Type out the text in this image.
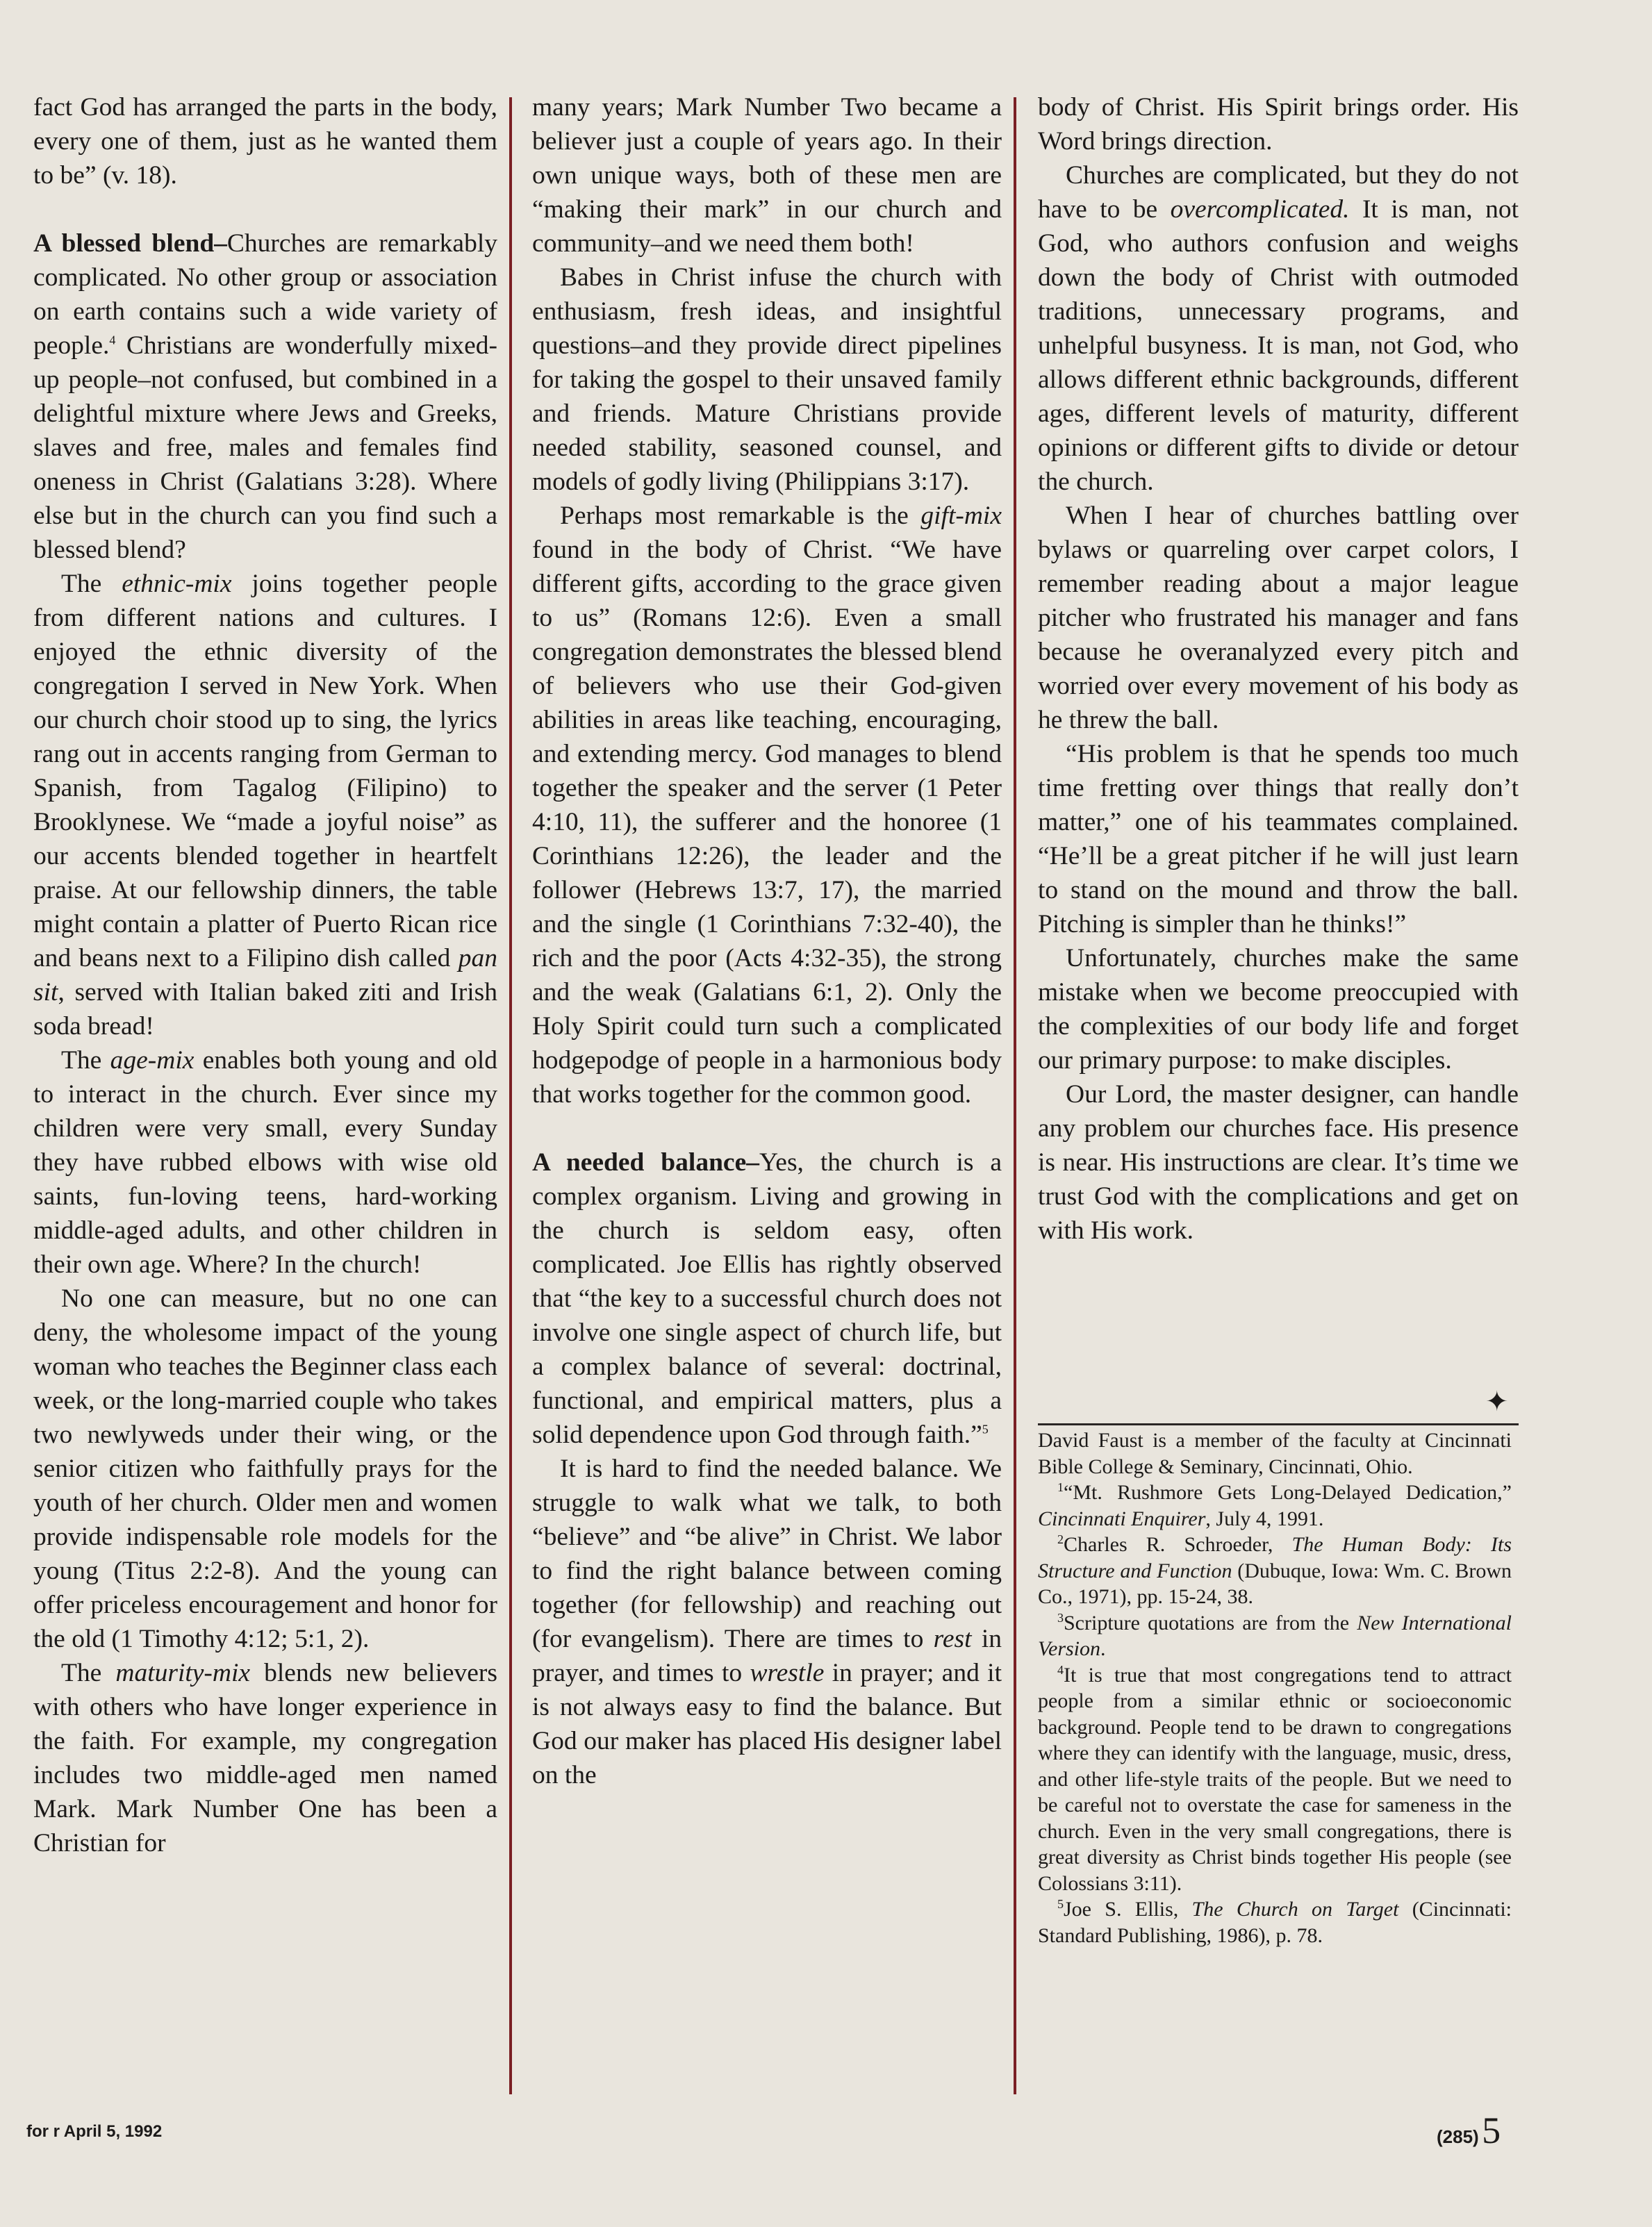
fact God has arranged the parts in the body, every one of them, just as he wanted them to be” (v. 18).

A blessed blend–Churches are remarkably complicated. No other group or association on earth contains such a wide variety of people.$^4$ Christians are wonderfully mixed-up people–not confused, but combined in a delightful mixture where Jews and Greeks, slaves and free, males and females find oneness in Christ (Galatians 3:28). Where else but in the church can you find such a blessed blend?

The ethnic-mix joins together people from different nations and cultures. I enjoyed the ethnic diversity of the congregation I served in New York. When our church choir stood up to sing, the lyrics rang out in accents ranging from German to Spanish, from Tagalog (Filipino) to Brooklynese. We “made a joyful noise” as our accents blended together in heartfelt praise. At our fellowship dinners, the table might contain a platter of Puerto Rican rice and beans next to a Filipino dish called pan sit, served with Italian baked ziti and Irish soda bread!

The age-mix enables both young and old to interact in the church. Ever since my children were very small, every Sunday they have rubbed elbows with wise old saints, fun-loving teens, hard-working middle-aged adults, and other children in their own age. Where? In the church!

No one can measure, but no one can deny, the wholesome impact of the young woman who teaches the Beginner class each week, or the long-married couple who takes two newlyweds under their wing, or the senior citizen who faithfully prays for the youth of her church. Older men and women provide indispensable role models for the young (Titus 2:2-8). And the young can offer priceless encouragement and honor for the old (1 Timothy 4:12; 5:1, 2).

The maturity-mix blends new believers with others who have longer experience in the faith. For example, my congregation includes two middle-aged men named Mark. Mark Number One has been a Christian for

many years; Mark Number Two became a believer just a couple of years ago. In their own unique ways, both of these men are “making their mark” in our church and community–and we need them both!

Babes in Christ infuse the church with enthusiasm, fresh ideas, and insightful questions–and they provide direct pipelines for taking the gospel to their unsaved family and friends. Mature Christians provide needed stability, seasoned counsel, and models of godly living (Philippians 3:17).

Perhaps most remarkable is the gift-mix found in the body of Christ. “We have different gifts, according to the grace given to us” (Romans 12:6). Even a small congregation demonstrates the blessed blend of believers who use their God-given abilities in areas like teaching, encouraging, and extending mercy. God manages to blend together the speaker and the server (1 Peter 4:10, 11), the sufferer and the honoree (1 Corinthians 12:26), the leader and the follower (Hebrews 13:7, 17), the married and the single (1 Corinthians 7:32-40), the rich and the poor (Acts 4:32-35), the strong and the weak (Galatians 6:1, 2). Only the Holy Spirit could turn such a complicated hodgepodge of people in a harmonious body that works together for the common good.

A needed balance–Yes, the church is a complex organism. Living and growing in the church is seldom easy, often complicated. Joe Ellis has rightly observed that “the key to a successful church does not involve one single aspect of church life, but a complex balance of several: doctrinal, functional, and empirical matters, plus a solid dependence upon God through faith.”$^5$

It is hard to find the needed balance. We struggle to walk what we talk, to both “believe” and “be alive” in Christ. We labor to find the right balance between coming together (for fellowship) and reaching out (for evangelism). There are times to rest in prayer, and times to wrestle in prayer; and it is not always easy to find the balance. But God our maker has placed His designer label on the

body of Christ. His Spirit brings order. His Word brings direction.

Churches are complicated, but they do not have to be overcomplicated. It is man, not God, who authors confusion and weighs down the body of Christ with outmoded traditions, unnecessary programs, and unhelpful busyness. It is man, not God, who allows different ethnic backgrounds, different ages, different levels of maturity, different opinions or different gifts to divide or detour the church.

When I hear of churches battling over bylaws or quarreling over carpet colors, I remember reading about a major league pitcher who frustrated his manager and fans because he overanalyzed every pitch and worried over every movement of his body as he threw the ball.

“His problem is that he spends too much time fretting over things that really don’t matter,” one of his teammates complained. “He’ll be a great pitcher if he will just learn to stand on the mound and throw the ball. Pitching is simpler than he thinks!”

Unfortunately, churches make the same mistake when we become preoccupied with the complexities of our body life and forget our primary purpose: to make disciples.

Our Lord, the master designer, can handle any problem our churches face. His presence is near. His instructions are clear. It’s time we trust God with the complications and get on with His work.

✦

David Faust is a member of the faculty at Cincinnati Bible College & Seminary, Cincinnati, Ohio.

$^1$“Mt. Rushmore Gets Long-Delayed Dedication,” Cincinnati Enquirer, July 4, 1991.

$^2$Charles R. Schroeder, The Human Body: Its Structure and Function (Dubuque, Iowa: Wm. C. Brown Co., 1971), pp. 15-24, 38.

$^3$Scripture quotations are from the New International Version.

$^4$It is true that most congregations tend to attract people from a similar ethnic or socioeconomic background. People tend to be drawn to congregations where they can identify with the language, music, dress, and other life-style traits of the people. But we need to be careful not to overstate the case for sameness in the church. Even in the very small congregations, there is great diversity as Christ binds together His people (see Colossians 3:11).

$^5$Joe S. Ellis, The Church on Target (Cincinnati: Standard Publishing, 1986), p. 78.

for r April 5, 1992	(285) 5
